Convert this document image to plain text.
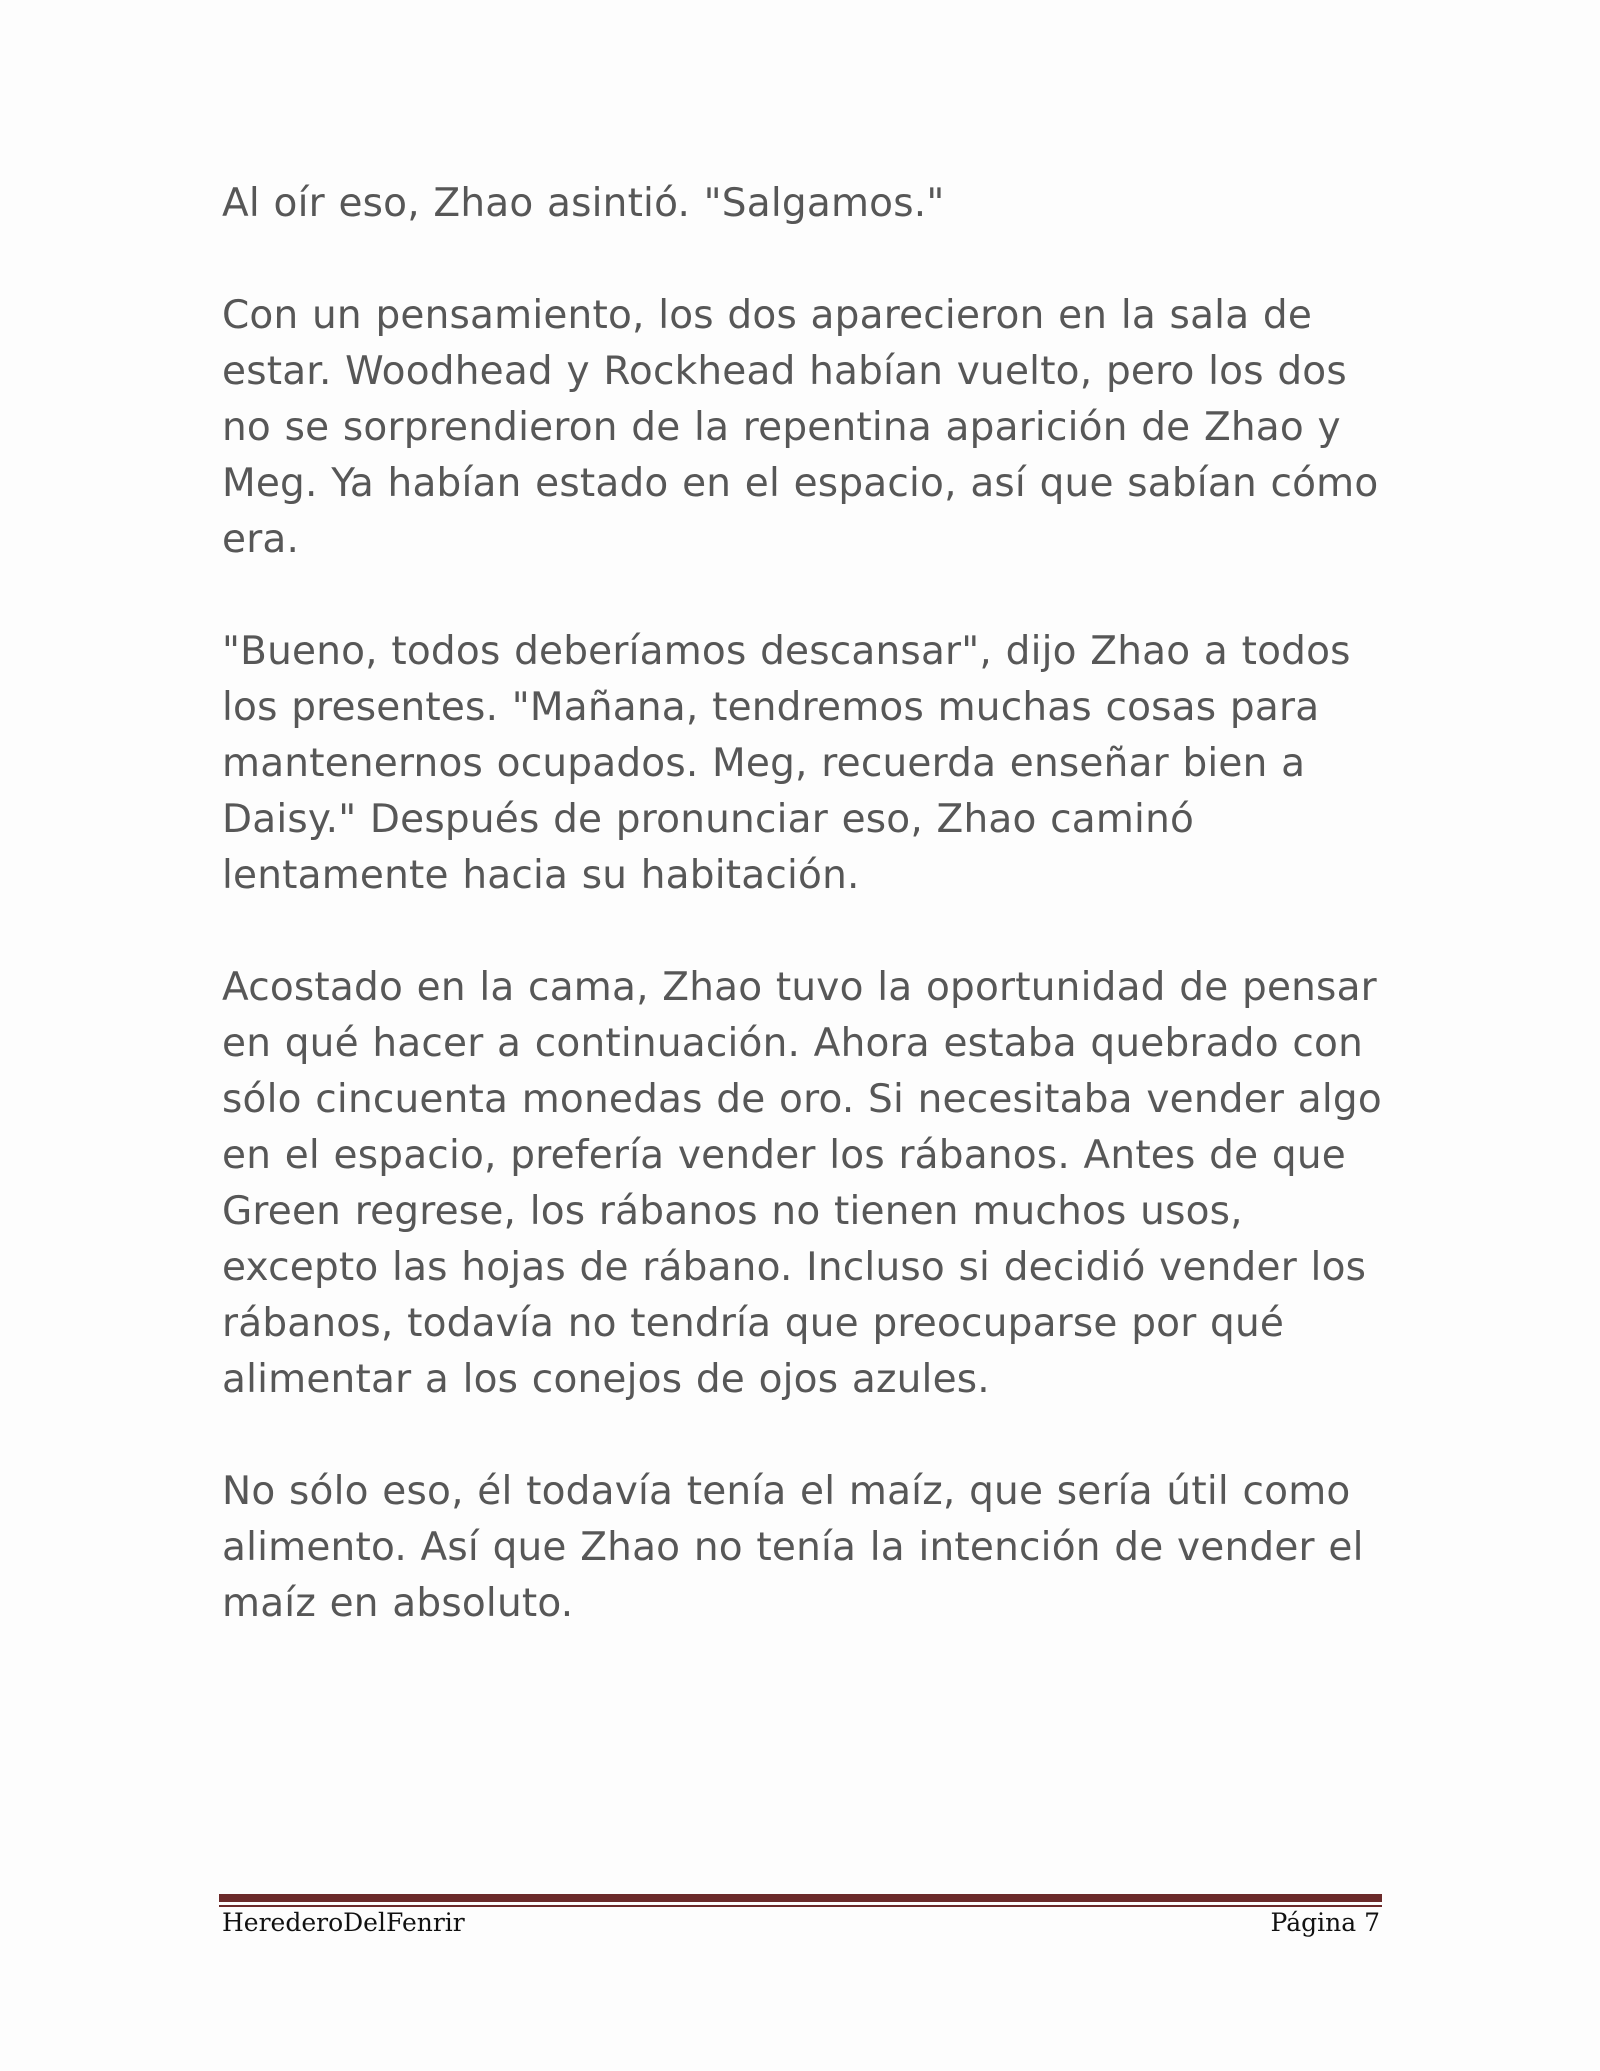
Al oír eso, Zhao asintió. "Salgamos."

Con un pensamiento, los dos aparecieron en la sala de estar. Woodhead y Rockhead habían vuelto, pero los dos no se sorprendieron de la repentina aparición de Zhao y Meg. Ya habían estado en el espacio, así que sabían cómo era.

"Bueno, todos deberíamos descansar", dijo Zhao a todos los presentes. "Mañana, tendremos muchas cosas para mantenernos ocupados. Meg, recuerda enseñar bien a Daisy." Después de pronunciar eso, Zhao caminó lentamente hacia su habitación.

Acostado en la cama, Zhao tuvo la oportunidad de pensar en qué hacer a continuación. Ahora estaba quebrado con sólo cincuenta monedas de oro. Si necesitaba vender algo en el espacio, prefería vender los rábanos. Antes de que Green regrese, los rábanos no tienen muchos usos, excepto las hojas de rábano. Incluso si decidió vender los rábanos, todavía no tendría que preocuparse por qué alimentar a los conejos de ojos azules.

No sólo eso, él todavía tenía el maíz, que sería útil como alimento. Así que Zhao no tenía la intención de vender el maíz en absoluto.

HerederoDelFenrir	Página 7
